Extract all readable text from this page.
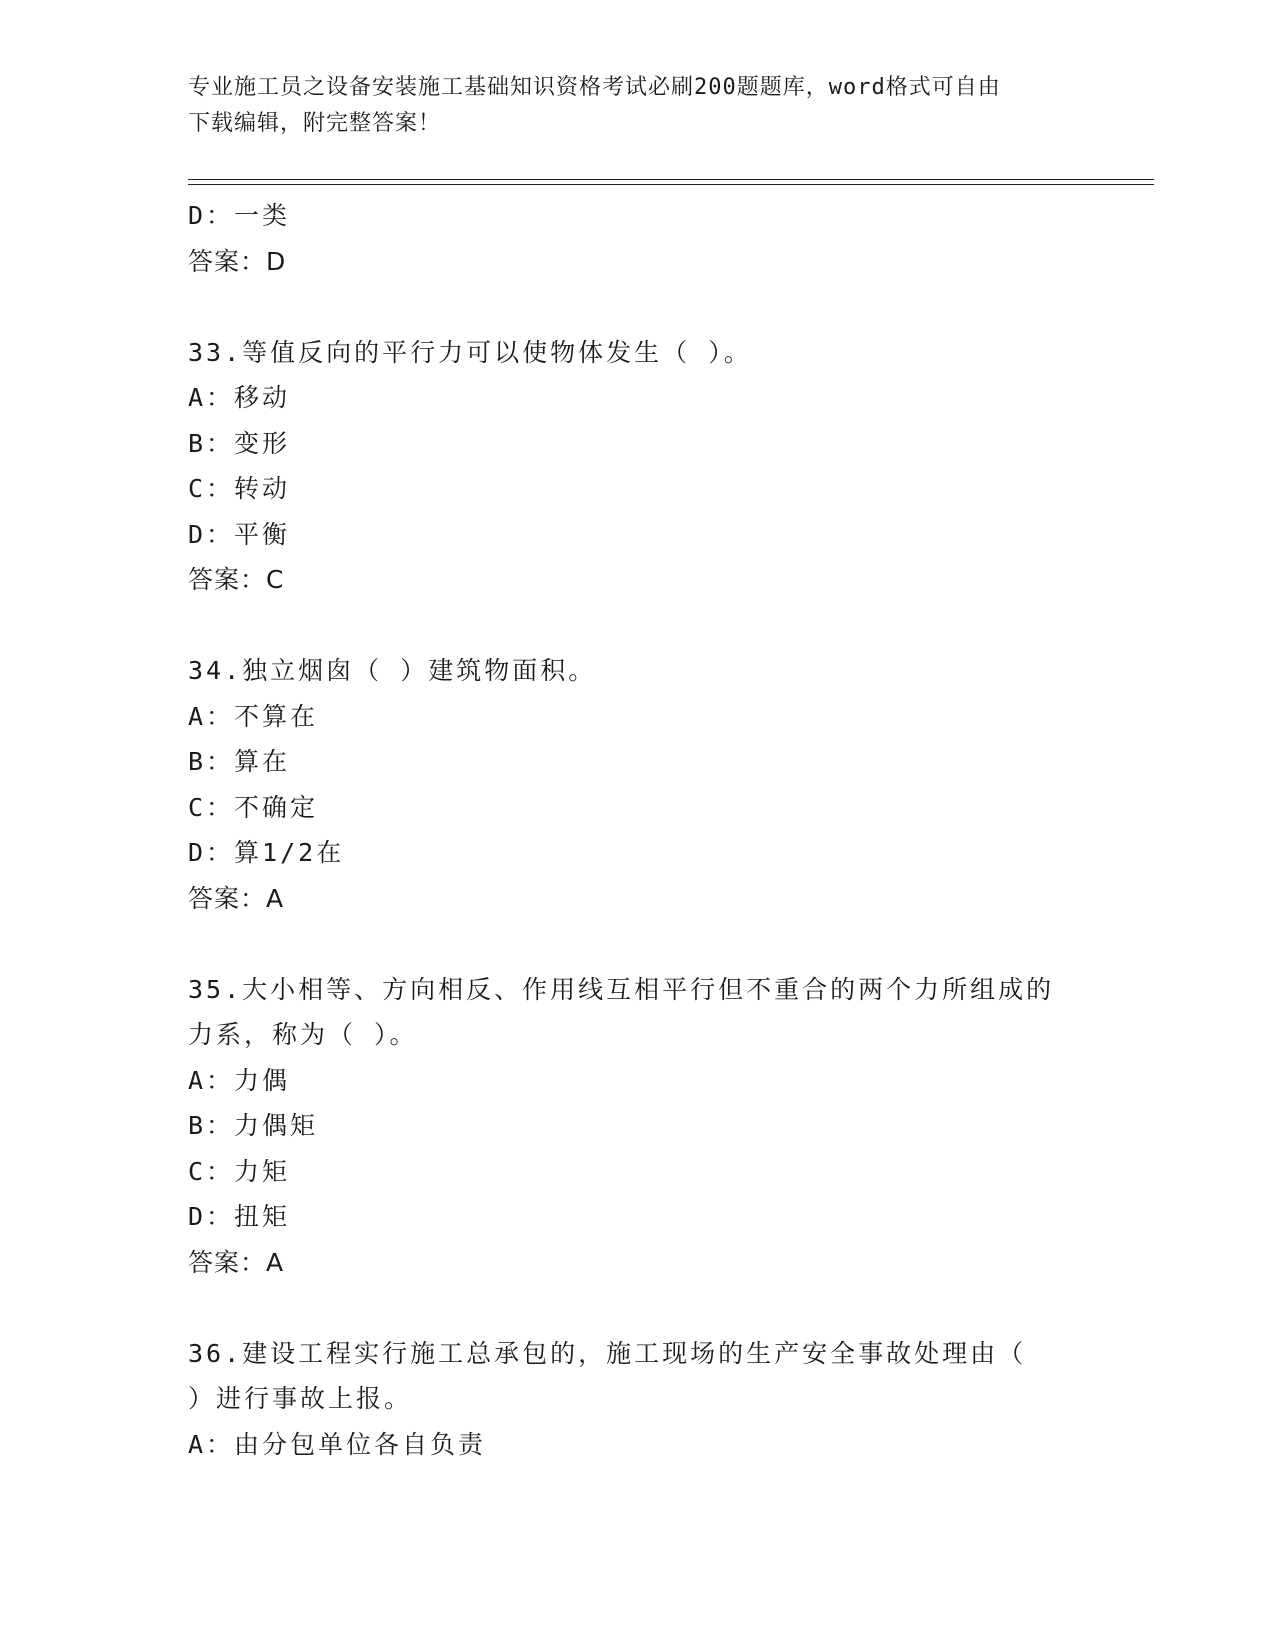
专业施工员之设备安装施工基础知识资格考试必刷200题题库，word格式可自由
下载编辑，附完整答案！
D：一类
答案：D
33.等值反向的平行力可以使物体发生（ ）。
A：移动
B：变形
C：转动
D：平衡
答案：C
34.独立烟囱（ ）建筑物面积。
A：不算在
B：算在
C：不确定
D：算1/2在
答案：A
35.大小相等、方向相反、作用线互相平行但不重合的两个力所组成的
力系，称为（ ）。
A：力偶
B：力偶矩
C：力矩
D：扭矩
答案：A
36.建设工程实行施工总承包的，施工现场的生产安全事故处理由（
）进行事故上报。
A：由分包单位各自负责
